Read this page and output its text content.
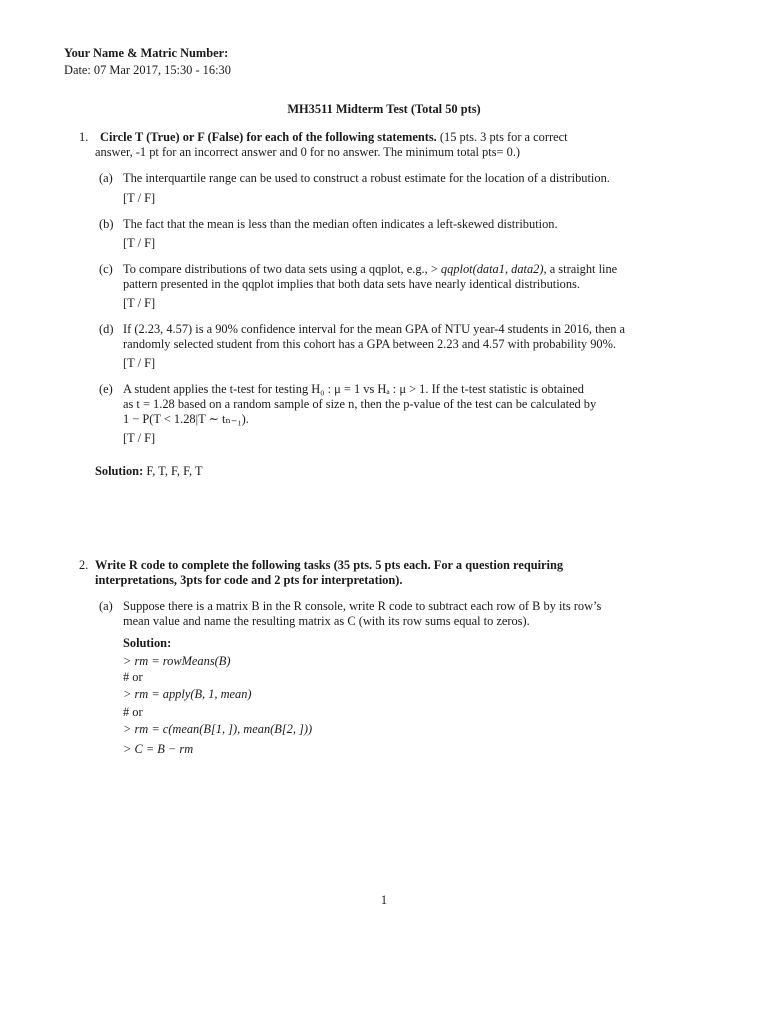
Your Name & Matric Number:
Date: 07 Mar 2017, 15:30 - 16:30
MH3511 Midterm Test (Total 50 pts)
1. Circle T (True) or F (False) for each of the following statements. (15 pts. 3 pts for a correct
answer, -1 pt for an incorrect answer and 0 for no answer. The minimum total pts= 0.)
(a) The interquartile range can be used to construct a robust estimate for the location of a distribution.
[T / F]
(b) The fact that the mean is less than the median often indicates a left-skewed distribution.
[T / F]
(c) To compare distributions of two data sets using a qqplot, e.g., > qqplot(data1, data2), a straight line
pattern presented in the qqplot implies that both data sets have nearly identical distributions.
[T / F]
(d) If (2.23, 4.57) is a 90% confidence interval for the mean GPA of NTU year-4 students in 2016, then a
randomly selected student from this cohort has a GPA between 2.23 and 4.57 with probability 90%.
[T / F]
(e) A student applies the t-test for testing H₀ : μ = 1 vs Hₐ : μ > 1. If the t-test statistic is obtained
as t = 1.28 based on a random sample of size n, then the p-value of the test can be calculated by
1 − P(T < 1.28|T ∼ tₙ₋₁).
[T / F]
Solution: F, T, F, F, T
2. Write R code to complete the following tasks (35 pts. 5 pts each. For a question requiring
interpretations, 3pts for code and 2 pts for interpretation).
(a) Suppose there is a matrix B in the R console, write R code to subtract each row of B by its row’s
mean value and name the resulting matrix as C (with its row sums equal to zeros).
Solution:
> rm = rowMeans(B)
# or
> rm = apply(B, 1, mean)
# or
> rm = c(mean(B[1, ]), mean(B[2, ]))
> C = B − rm
1
